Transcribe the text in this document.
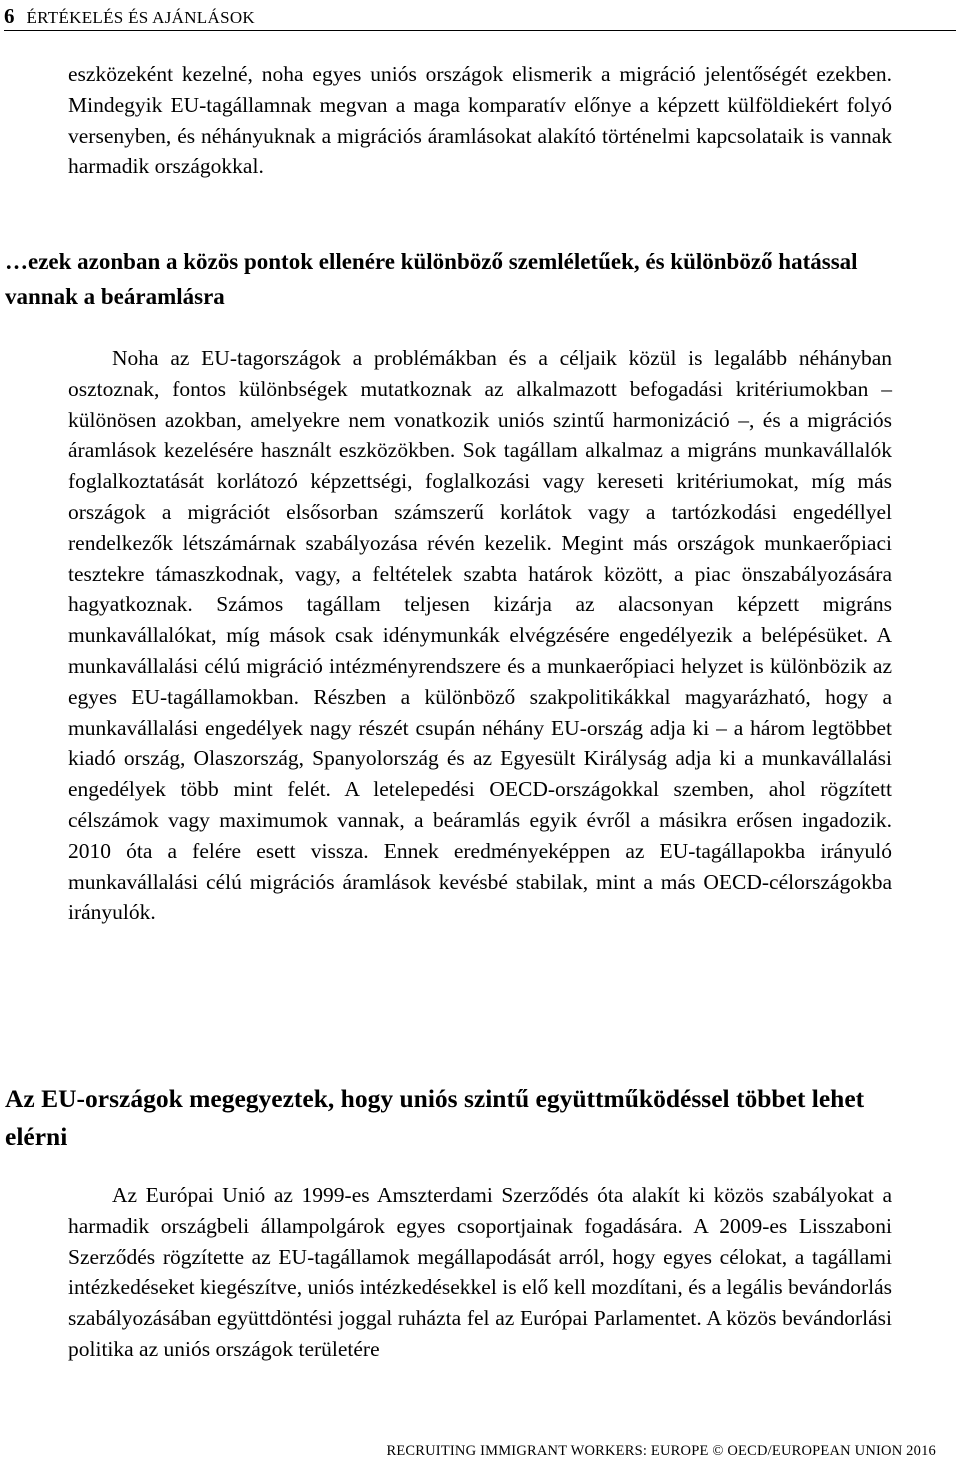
6 ÉRTÉKELÉS ÉS AJÁNLÁSOK

eszközeként kezelné, noha egyes uniós országok elismerik a migráció jelentőségét ezekben. Mindegyik EU-tagállamnak megvan a maga komparatív előnye a képzett külföldiekért folyó versenyben, és néhányuknak a migrációs áramlásokat alakító történelmi kapcsolataik is vannak harmadik országokkal.

…ezek azonban a közös pontok ellenére különböző szemléletűek, és különböző hatással vannak a beáramlásra

Noha az EU-tagországok a problémákban és a céljaik közül is legalább néhányban osztoznak, fontos különbségek mutatkoznak az alkalmazott befogadási kritériumokban – különösen azokban, amelyekre nem vonatkozik uniós szintű harmonizáció –, és a migrációs áramlások kezelésére használt eszközökben. Sok tagállam alkalmaz a migráns munkavállalók foglalkoztatását korlátozó képzettségi, foglalkozási vagy kereseti kritériumokat, míg más országok a migrációt elsősorban számszerű korlátok vagy a tartózkodási engedéllyel rendelkezők létszámárnak szabályozása révén kezelik. Megint más országok munkaerőpiaci tesztekre támaszkodnak, vagy, a feltételek szabta határok között, a piac önszabályozására hagyatkoznak. Számos tagállam teljesen kizárja az alacsonyan képzett migráns munkavállalókat, míg mások csak idénymunkák elvégzésére engedélyezik a belépésüket. A munkavállalási célú migráció intézményrendszere és a munkaerőpiaci helyzet is különbözik az egyes EU-tagállamokban. Részben a különböző szakpolitikákkal magyarázható, hogy a munkavállalási engedélyek nagy részét csupán néhány EU-ország adja ki – a három legtöbbet kiadó ország, Olaszország, Spanyolország és az Egyesült Királyság adja ki a munkavállalási engedélyek több mint felét. A letelepedési OECD-országokkal szemben, ahol rögzített célszámok vagy maximumok vannak, a beáramlás egyik évről a másikra erősen ingadozik. 2010 óta a felére esett vissza. Ennek eredményeképpen az EU-tagállapokba irányuló munkavállalási célú migrációs áramlások kevésbé stabilak, mint a más OECD-célországokba irányulók.

Az EU-országok megegyeztek, hogy uniós szintű együttműködéssel többet lehet elérni

Az Európai Unió az 1999-es Amszterdami Szerződés óta alakít ki közös szabályokat a harmadik országbeli állampolgárok egyes csoportjainak fogadására. A 2009-es Lisszaboni Szerződés rögzítette az EU-tagállamok megállapodását arról, hogy egyes célokat, a tagállami intézkedéseket kiegészítve, uniós intézkedésekkel is elő kell mozdítani, és a legális bevándorlás szabályozásában együttdöntési joggal ruházta fel az Európai Parlamentet. A közös bevándorlási politika az uniós országok területére

RECRUITING IMMIGRANT WORKERS: EUROPE © OECD/EUROPEAN UNION 2016
